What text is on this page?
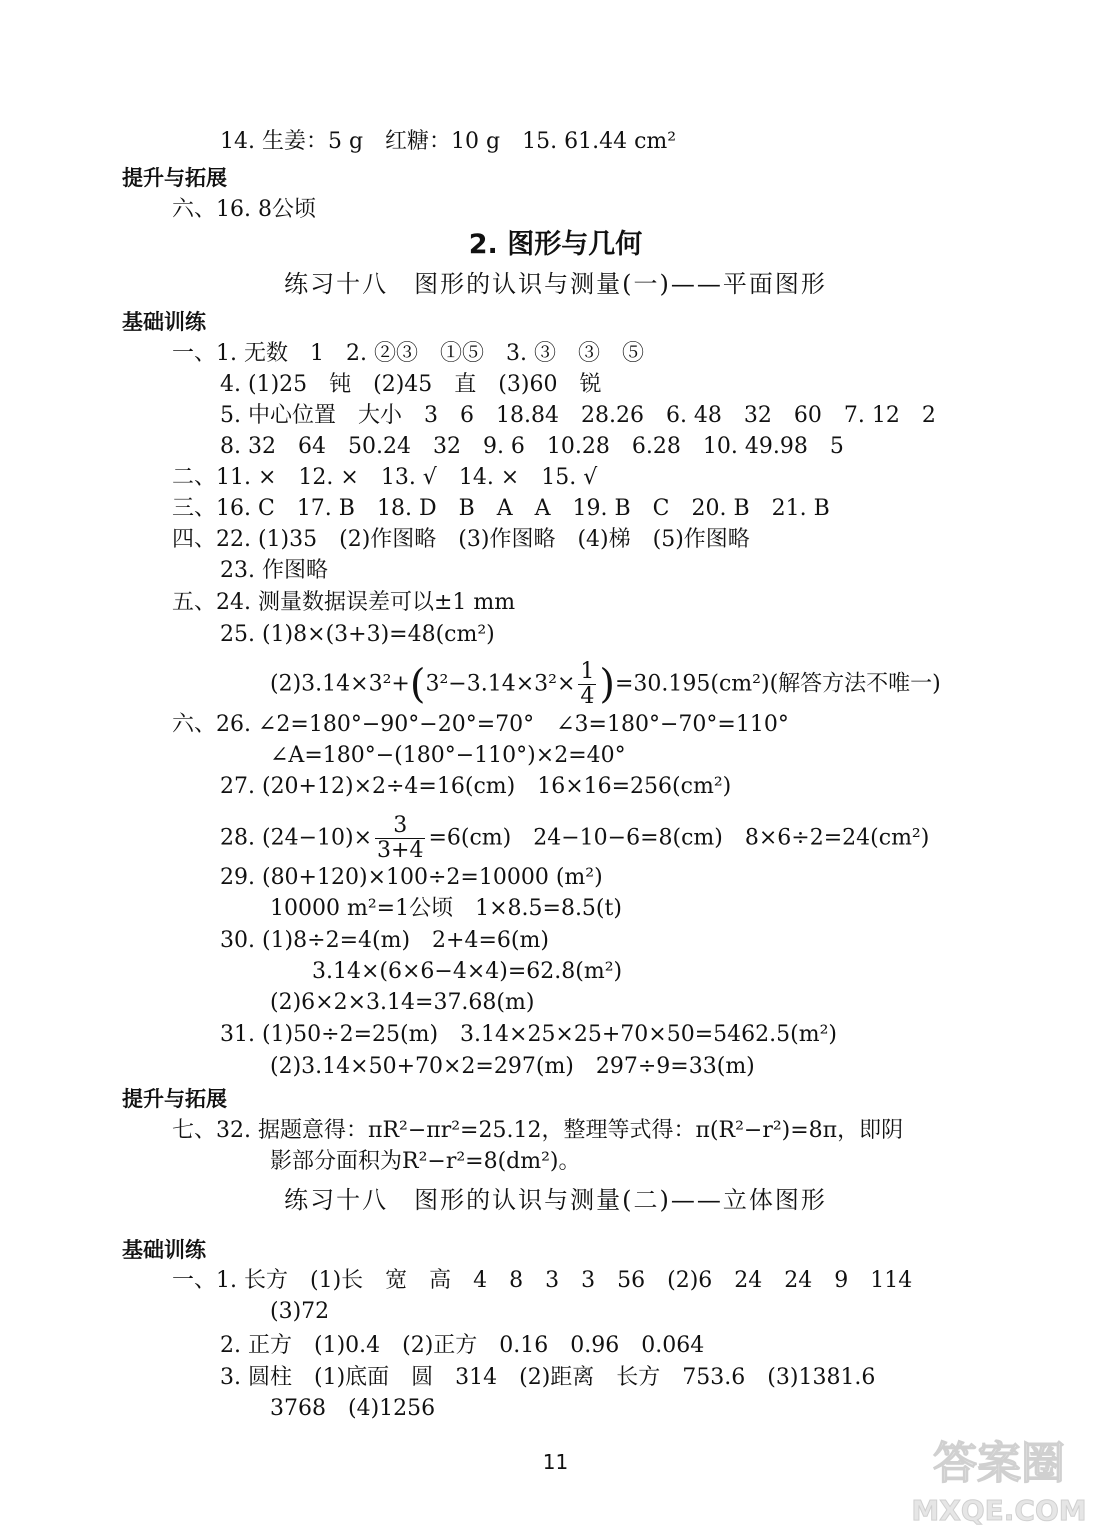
14. 生姜：5 g　红糖：10 g　15. 61.44 cm²
六、16. 8公顷
一、1. 无数　1　2. ②③　①⑤　3. ③　③　⑤
4. (1)25　钝　(2)45　直　(3)60　锐
5. 中心位置　大小　3　6　18.84　28.26　6. 48　32　60　7. 12　2
8. 32　64　50.24　32　9. 6　10.28　6.28　10. 49.98　5
二、11. ×　12. ×　13. √　14. ×　15. √
三、16. C　17. B　18. D　B　A　A　19. B　C　20. B　21. B
四、22. (1)35　(2)作图略　(3)作图略　(4)梯　(5)作图略
23. 作图略
五、24. 测量数据误差可以±1 mm
25. (1)8×(3+3)=48(cm²)
六、26. ∠2=180°−90°−20°=70°　∠3=180°−70°=110°
∠A=180°−(180°−110°)×2=40°
27. (20+12)×2÷4=16(cm)　16×16=256(cm²)
29. (80+120)×100÷2=10000 (m²)
10000 m²=1公顷　1×8.5=8.5(t)
30. (1)8÷2=4(m)　2+4=6(m)
3.14×(6×6−4×4)=62.8(m²)
(2)6×2×3.14=37.68(m)
31. (1)50÷2=25(m)　3.14×25×25+70×50=5462.5(m²)
(2)3.14×50+70×2=297(m)　297÷9=33(m)
七、32. 据题意得：πR²−πr²=25.12，整理等式得：π(R²−r²)=8π，即阴
影部分面积为R²−r²=8(dm²)。
一、1. 长方　(1)长　宽　高　4　8　3　3　56　(2)6　24　24　9　114
(3)72
2. 正方　(1)0.4　(2)正方　0.16　0.96　0.064
3. 圆柱　(1)底面　圆　314　(2)距离　长方　753.6　(3)1381.6
3768　(4)1256
提升与拓展
2. 图形与几何
练习十八　图形的认识与测量(一)——平面图形
基础训练
$(2)3.14\times 3^2+(3^2-3.14\times 3^2\times \frac{1}{4} )=30.195(cm^2)$(解答方法不唯一)
28. $(24-10)\times \frac{3}{3+4} =6(cm)$　24−10−6=8(cm)　8×6÷2=24(cm²)
提升与拓展
练习十八　图形的认识与测量(二)——立体图形
基础训练
11	答案圈
MXQE.COM
